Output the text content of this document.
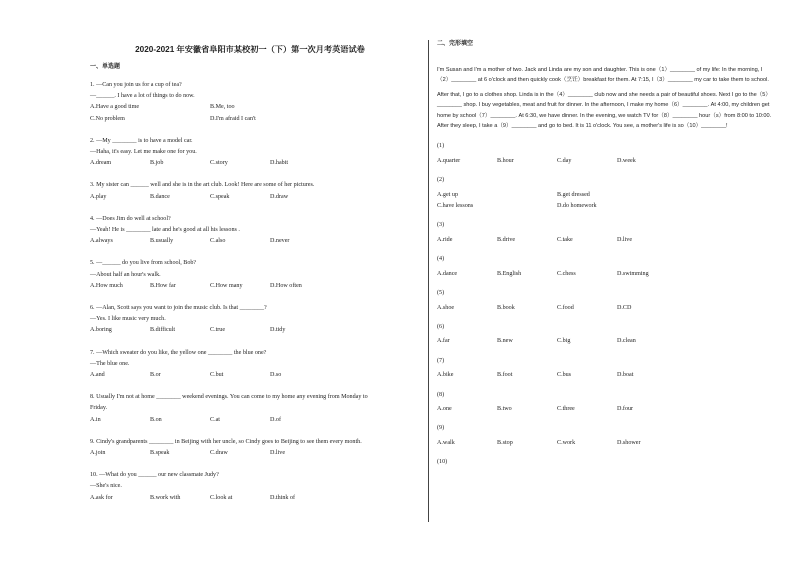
2020-2021 年安徽省阜阳市某校初一（下）第一次月考英语试卷
一、单选题
1. —Can you join us for a cup of tea?
—______. I have a lot of things to do now.
A.Have a good time	B.Me, too
C.No problem	D.I'm afraid I can't
2. —My ________ is to have a model car.
—Haha, it's easy. Let me make one for you.
A.dream	B.job	C.story	D.habit
3. My sister can ______ well and she is in the art club. Look! Here are some of her pictures.
A.play	B.dance	C.speak	D.draw
4. —Does Jim do well at school?
—Yeah! He is ________ late and he's good at all his lessons .
A.always	B.usually	C.also	D.never
5. —______ do you live from school, Bob?
—About half an hour's walk.
A.How much	B.How far	C.How many	D.How often
6. —Alan, Scott says you want to join the music club. Is that ________?
—Yes. I like music very much.
A.boring	B.difficult	C.true	D.tidy
7. —Which sweater do you like, the yellow one ________ the blue one?
—The blue one.
A.and	B.or	C.but	D.so
8. Usually I'm not at home ________ weekend evenings. You can come to my home any evening from Monday to
Friday.
A.in	B.on	C.at	D.of
9. Cindy's grandparents ________ in Beijing with her uncle, so Cindy goes to Beijing to see them every month.
A.join	B.speak	C.draw	D.live
10. —What do you ______ our new classmate Judy?
—She's nice.
A.ask for	B.work with	C.look at	D.think of
二、完形填空
I'm Susan and I'm a mother of two. Jack and Linda are my son and daughter. This is one（1）________ of my life: In the morning, I（2）________ at 6 o'clock and then quickly cook（烹饪）breakfast for them. At 7:15, I（3）________ my car to take them to school.
After that, I go to a clothes shop. Linda is in the（4）________ club now and she needs a pair of beautiful shoes. Next I go to the（5）________ shop. I buy vegetables, meat and fruit for dinner. In the afternoon, I make my home（6）________. At 4:00, my children get home by school（7）________. At 6:30, we have dinner. In the evening, we watch TV for（8）________ hour（s）from 8:00 to 10:00. After they sleep, I take a（9）________ and go to bed. It is 11 o'clock. You see, a mother's life is so（10）________!
(1)
A.quarter	B.hour	C.day	D.week
(2)
A.get up	B.get dressed
C.have lessons	D.do homework
(3)
A.ride	B.drive	C.take	D.live
(4)
A.dance	B.English	C.chess	D.swimming
(5)
A.shoe	B.book	C.food	D.CD
(6)
A.far	B.new	C.big	D.clean
(7)
A.bike	B.foot	C.bus	D.boat
(8)
A.one	B.two	C.three	D.four
(9)
A.walk	B.stop	C.work	D.shower
(10)
